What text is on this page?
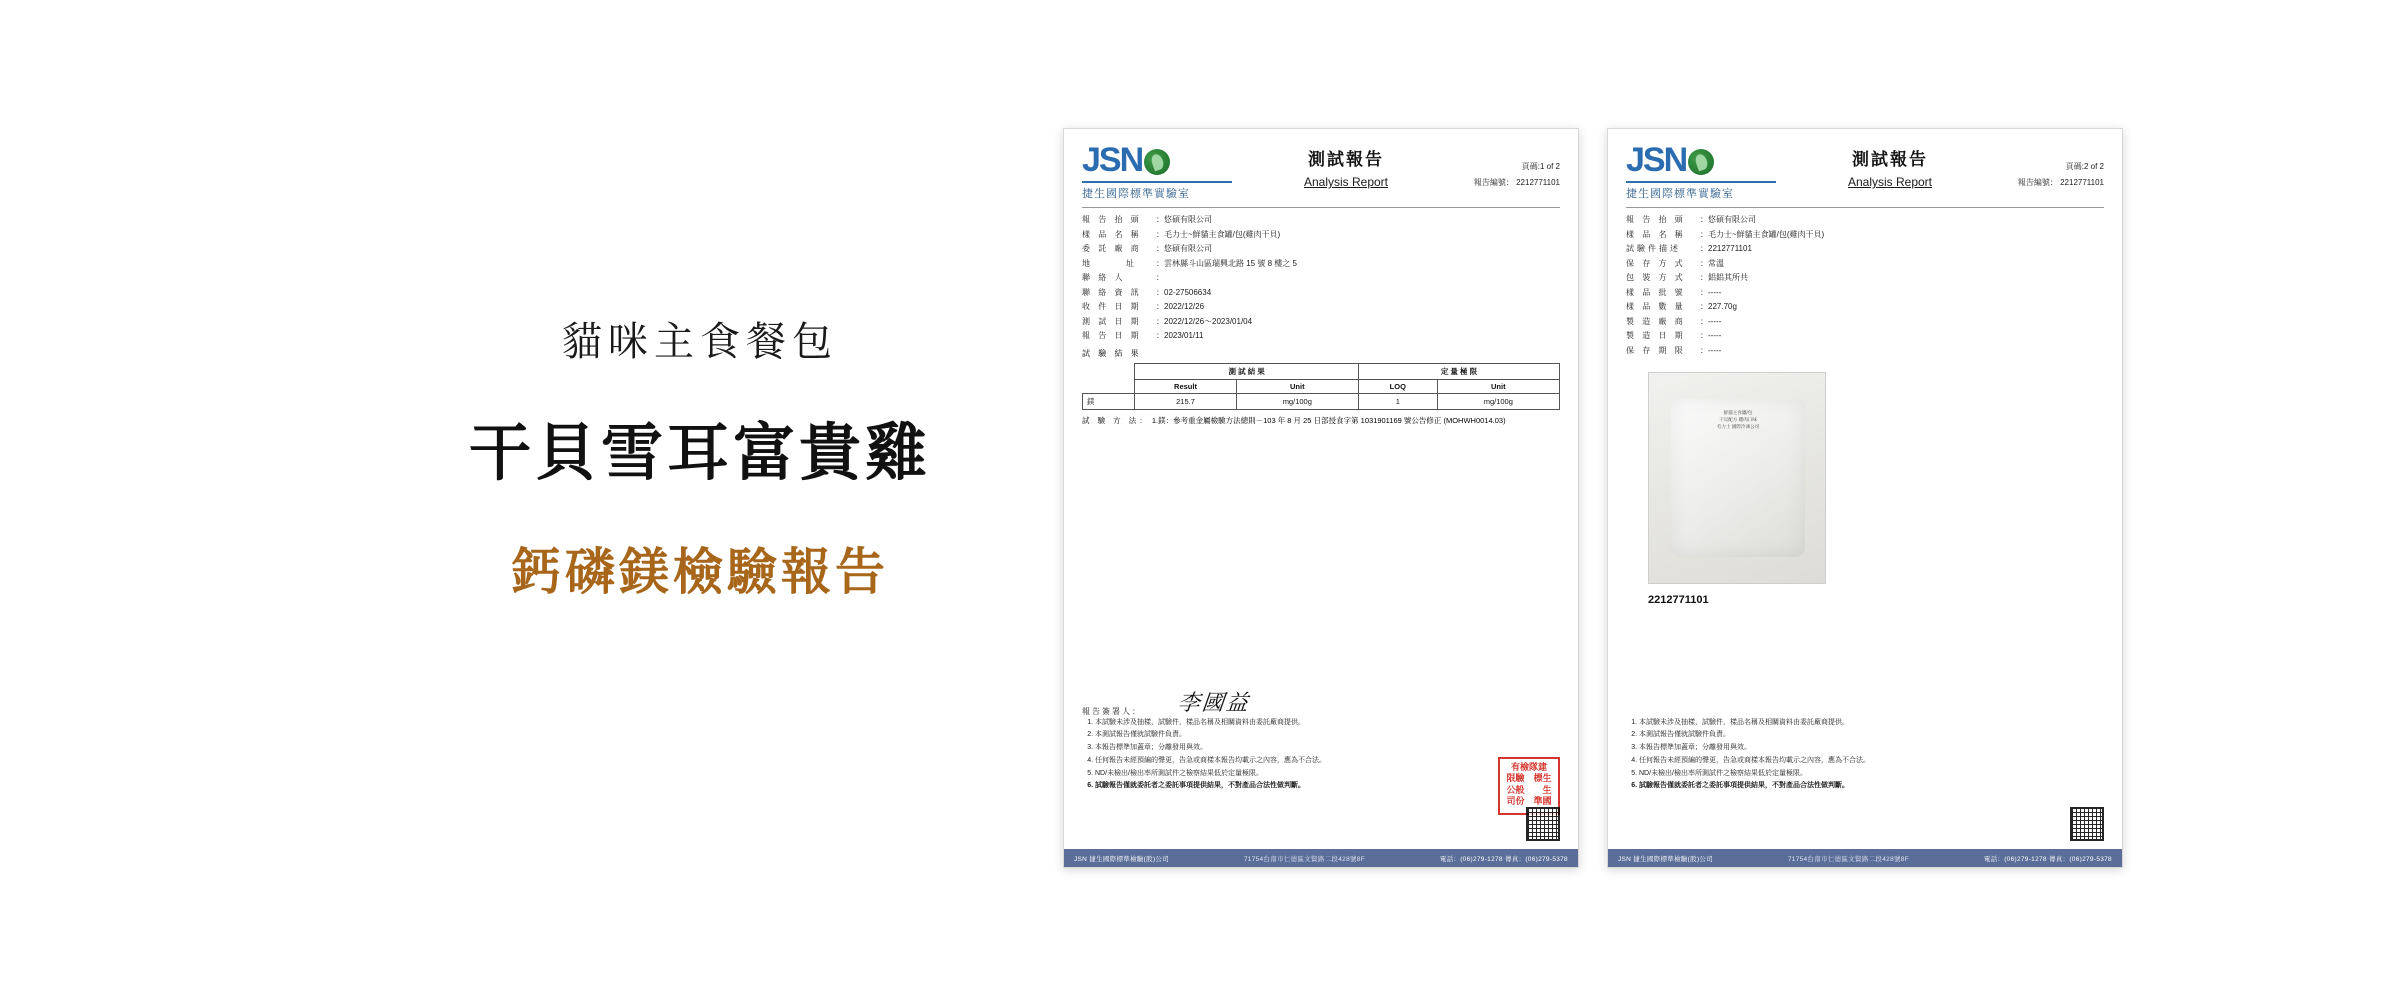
貓咪主食餐包
干貝雪耳富貴雞
鈣磷鎂檢驗報告
JSN
捷生國際標準實驗室
測試報告
Analysis Report
頁碼:1 of 2
報告編號： 2212771101
報 告 抬 頭	： 悠碩有限公司
樣 品 名 稱	： 毛力士~鮮貓主食罐/包(雞肉干貝)
委 託 廠 商	： 悠碩有限公司
地　　　址	： 雲林縣斗山區瑞興北路 15 號 8 樓之 5
聯 絡 人	：
聯 絡 資 訊	： 02-27506634
收 件 日 期	： 2022/12/26
測 試 日 期	： 2022/12/26～2023/01/04
報 告 日 期	： 2023/01/11
試 驗 結 果
	測 試 結 果		定 量 極 限	
	Result	Unit	LOQ	Unit
鎂	215.7	mg/100g	1	mg/100g
試 驗 方 法： 1.鎂：參考重金屬檢驗方法總則－103 年 8 月 25 日部授食字第 1031901169 號公告修正 (MOHWH0014.03)
報告簽署人： 李國益
1. 本試驗未涉及抽樣，試驗件，樣品名稱及相關資料由委託廠商提供。
2. 本測試報告僅就試驗件負責。
3. 本報告標準加蓋章；分離發用與效。
4. 任何報告未經預編的聲更，告急或商樣本報告均載示之內容，應為不合法。
5. ND/未檢出/檢出率所測試件之檢察結果低於定量極限。
6. 試驗報告僅就委託者之委託事項提供結果，不對產品合法性做判斷。
有檢隊建
限驗　標生
公般　　生
司份　準國
JSN 捷生國際標準檢驗(股)公司	71754台南市仁德區文賢路二段428號8F	電話：(06)279-1278 傳真：(06)279-5378
JSN
捷生國際標準實驗室
測試報告
Analysis Report
頁碼:2 of 2
報告編號： 2212771101
報 告 抬 頭	： 悠碩有限公司
樣 品 名 稱	： 毛力士~鮮貓主食罐/包(雞肉干貝)
試驗件描述	： 2212771101
保 存 方 式	： 常溫
包 裝 方 式	： 鋁鋁其所共
樣 品 批 號	： -----
樣 品 數 量	： 227.70g
製 造 廠 商	： -----
製 造 日 期	： -----
保 存 期 限	： -----
鮮貓主食罐/包
干貝配方 雞肉口味
毛力士 國際冷凍公司
2212771101
1. 本試驗未涉及抽樣，試驗件，樣品名稱及相關資料由委託廠商提供。
2. 本測試報告僅就試驗件負責。
3. 本報告標準加蓋章；分離發用與效。
4. 任何報告未經預編的聲更，告急或商樣本報告均載示之內容，應為不合法。
5. ND/未檢出/檢出率所測試件之檢察結果低於定量極限。
6. 試驗報告僅就委託者之委託事項提供結果，不對產品合法性做判斷。
JSN 捷生國際標準檢驗(股)公司	71754台南市仁德區文賢路二段428號8F	電話：(06)279-1278 傳真：(06)279-5378
